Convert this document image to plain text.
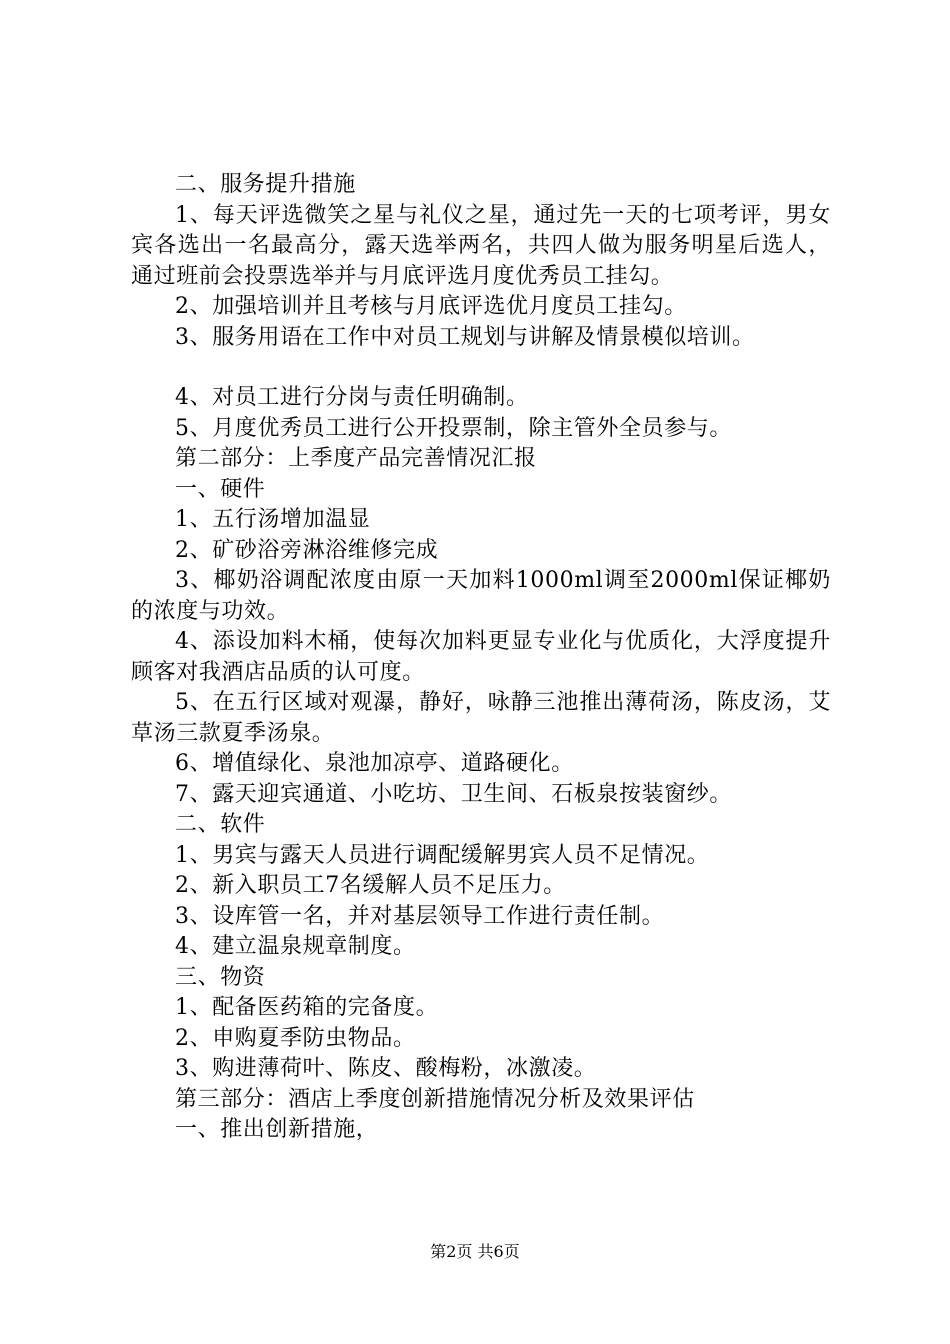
二、服务提升措施

1、每天评选微笑之星与礼仪之星，通过先一天的七项考评，男女宾各选出一名最高分，露天选举两名，共四人做为服务明星后选人，通过班前会投票选举并与月底评选月度优秀员工挂勾。

2、加强培训并且考核与月底评选优月度员工挂勾。

3、服务用语在工作中对员工规划与讲解及情景模似培训。

4、对员工进行分岗与责任明确制。

5、月度优秀员工进行公开投票制，除主管外全员参与。

第二部分：上季度产品完善情况汇报

一、硬件

1、五行汤增加温显

2、矿砂浴旁淋浴维修完成

3、椰奶浴调配浓度由原一天加料1000ml调至2000ml保证椰奶的浓度与功效。

4、添设加料木桶，使每次加料更显专业化与优质化，大浮度提升顾客对我酒店品质的认可度。

5、在五行区域对观瀑，静好，咏静三池推出薄荷汤，陈皮汤，艾草汤三款夏季汤泉。

6、增值绿化、泉池加凉亭、道路硬化。

7、露天迎宾通道、小吃坊、卫生间、石板泉按装窗纱。

二、软件

1、男宾与露天人员进行调配缓解男宾人员不足情况。

2、新入职员工7名缓解人员不足压力。

3、设库管一名，并对基层领导工作进行责任制。

4、建立温泉规章制度。

三、物资

1、配备医药箱的完备度。

2、申购夏季防虫物品。

3、购进薄荷叶、陈皮、酸梅粉，冰激凌。

第三部分：酒店上季度创新措施情况分析及效果评估

一、推出创新措施，

第2页 共6页
